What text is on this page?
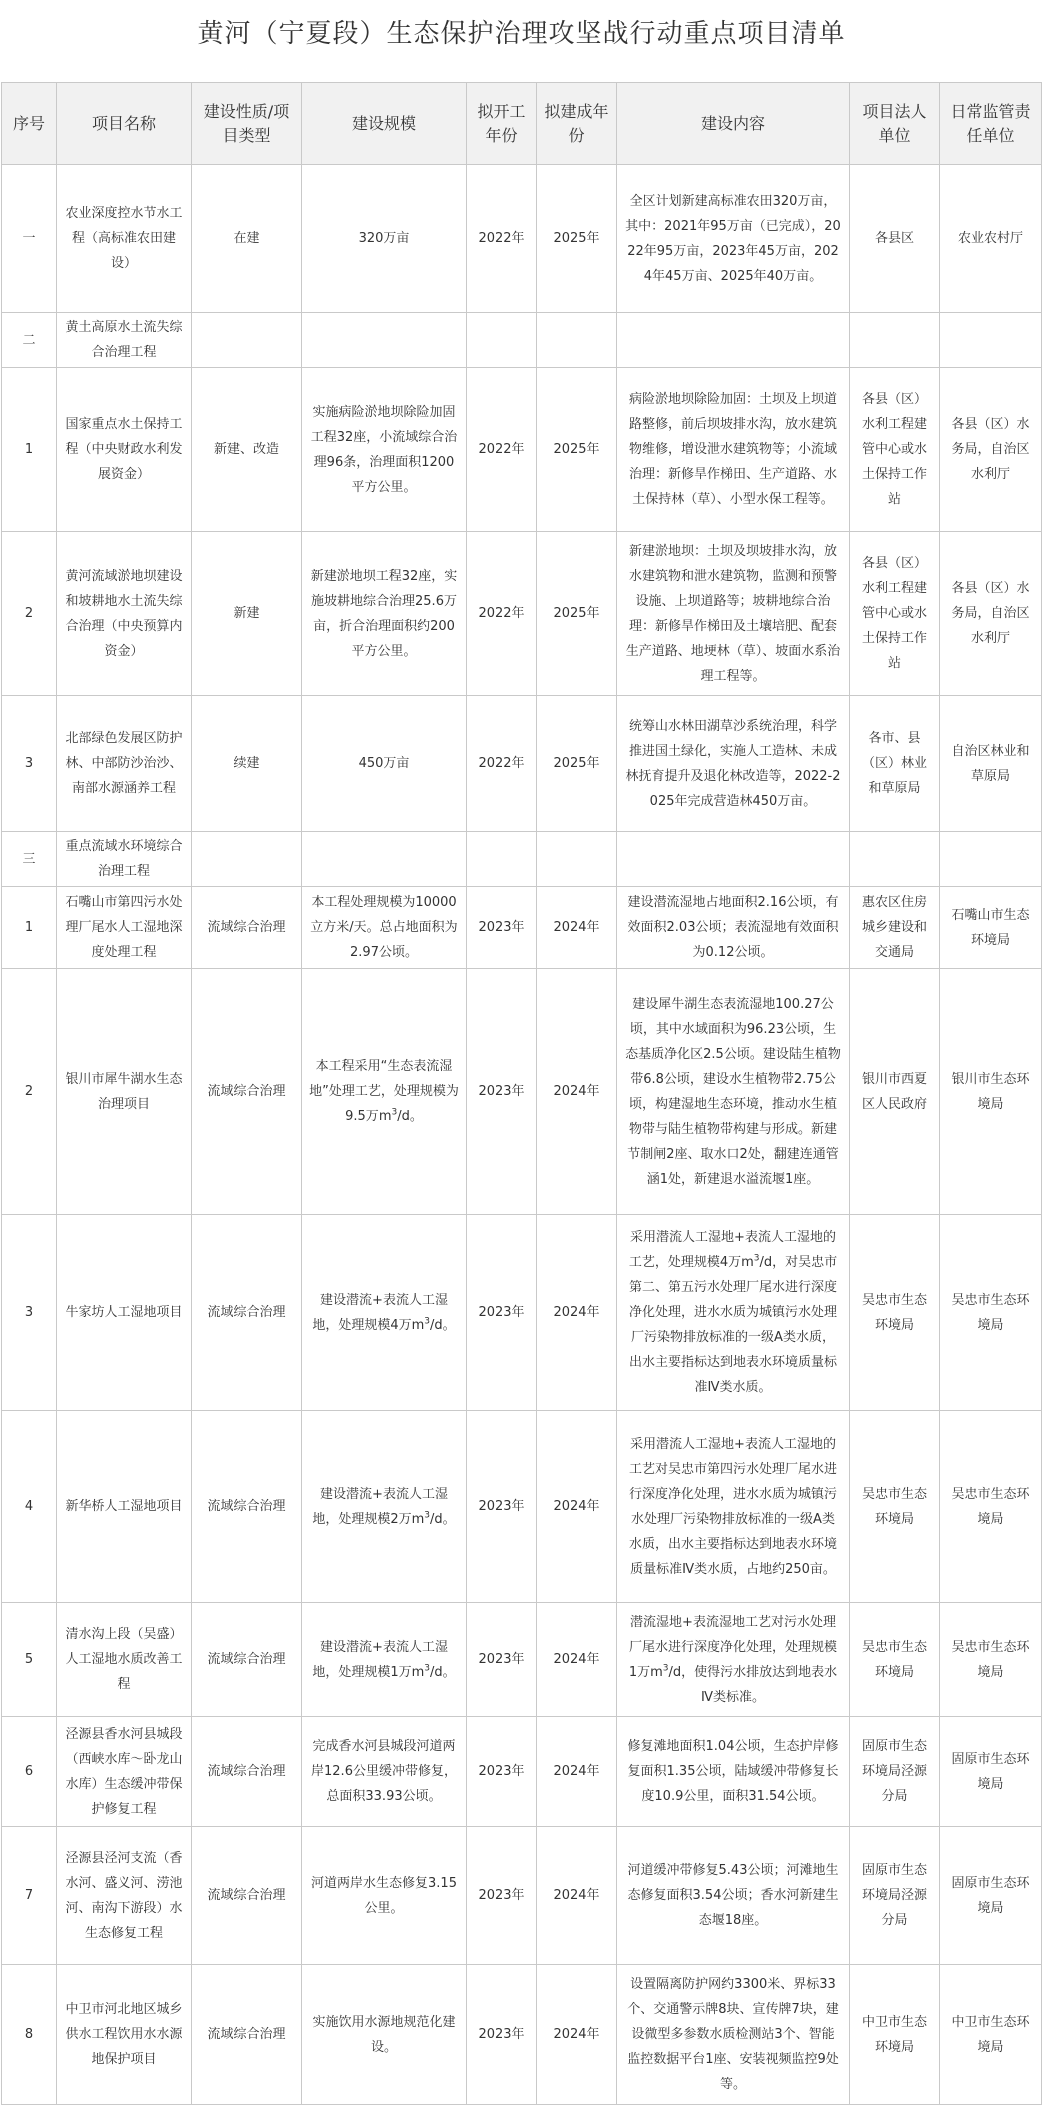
黄河（宁夏段）生态保护治理攻坚战行动重点项目清单
序号	项目名称	建设性质/项目类型	建设规模	拟开工年份	拟建成年份	建设内容	项目法人单位	日常监管责任单位
一	农业深度控水节水工程（高标准农田建设）	在建	320万亩	2022年	2025年	全区计划新建高标准农田320万亩，其中：2021年95万亩（已完成），2022年95万亩，2023年45万亩，2024年45万亩、2025年40万亩。	各县区	农业农村厅
二	黄土高原水土流失综合治理工程							
1	国家重点水土保持工程（中央财政水利发展资金）	新建、改造	实施病险淤地坝除险加固工程32座，小流域综合治理96条，治理面积1200平方公里。	2022年	2025年	病险淤地坝除险加固：土坝及上坝道路整修，前后坝坡排水沟，放水建筑物维修，增设泄水建筑物等；小流域治理：新修旱作梯田、生产道路、水土保持林（草）、小型水保工程等。	各县（区）水利工程建管中心或水土保持工作站	各县（区）水务局，自治区水利厅
2	黄河流域淤地坝建设和坡耕地水土流失综合治理（中央预算内资金）	新建	新建淤地坝工程32座，实施坡耕地综合治理25.6万亩，折合治理面积约200平方公里。	2022年	2025年	新建淤地坝：土坝及坝坡排水沟，放水建筑物和泄水建筑物，监测和预警设施、上坝道路等；坡耕地综合治理：新修旱作梯田及土壤培肥、配套生产道路、地埂林（草）、坡面水系治理工程等。	各县（区）水利工程建管中心或水土保持工作站	各县（区）水务局，自治区水利厅
3	北部绿色发展区防护林、中部防沙治沙、南部水源涵养工程	续建	450万亩	2022年	2025年	统筹山水林田湖草沙系统治理，科学推进国土绿化，实施人工造林、未成林抚育提升及退化林改造等，2022-2025年完成营造林450万亩。	各市、县（区）林业和草原局	自治区林业和草原局
三	重点流域水环境综合治理工程							
1	石嘴山市第四污水处理厂尾水人工湿地深度处理工程	流域综合治理	本工程处理规模为10000立方米/天。总占地面积为2.97公顷。	2023年	2024年	建设潜流湿地占地面积2.16公顷，有效面积2.03公顷；表流湿地有效面积为0.12公顷。	惠农区住房城乡建设和交通局	石嘴山市生态环境局
2	银川市犀牛湖水生态治理项目	流域综合治理	本工程采用“生态表流湿地”处理工艺，处理规模为9.5万$m^3/d$。	2023年	2024年	建设犀牛湖生态表流湿地100.27公顷，其中水域面积为96.23公顷，生态基质净化区2.5公顷。建设陆生植物带6.8公顷，建设水生植物带2.75公顷，构建湿地生态环境，推动水生植物带与陆生植物带构建与形成。新建节制闸2座、取水口2处，翻建连通管涵1处，新建退水溢流堰1座。	银川市西夏区人民政府	银川市生态环境局
3	牛家坊人工湿地项目	流域综合治理	建设潜流+表流人工湿地，处理规模4万$m^3/d$。	2023年	2024年	采用潜流人工湿地+表流人工湿地的工艺，处理规模4万$m^3/d$，对吴忠市第二、第五污水处理厂尾水进行深度净化处理，进水水质为城镇污水处理厂污染物排放标准的一级A类水质，出水主要指标达到地表水环境质量标准Ⅳ类水质。	吴忠市生态环境局	吴忠市生态环境局
4	新华桥人工湿地项目	流域综合治理	建设潜流+表流人工湿地，处理规模2万$m^3/d$。	2023年	2024年	采用潜流人工湿地+表流人工湿地的工艺对吴忠市第四污水处理厂尾水进行深度净化处理，进水水质为城镇污水处理厂污染物排放标准的一级A类水质，出水主要指标达到地表水环境质量标准Ⅳ类水质，占地约250亩。	吴忠市生态环境局	吴忠市生态环境局
5	清水沟上段（吴盛）人工湿地水质改善工程	流域综合治理	建设潜流+表流人工湿地，处理规模1万$m^3/d$。	2023年	2024年	潜流湿地+表流湿地工艺对污水处理厂尾水进行深度净化处理，处理规模1万$m^3/d$，使得污水排放达到地表水Ⅳ类标准。	吴忠市生态环境局	吴忠市生态环境局
6	泾源县香水河县城段（西峡水库～卧龙山水库）生态缓冲带保护修复工程	流域综合治理	完成香水河县城段河道两岸12.6公里缓冲带修复，总面积33.93公顷。	2023年	2024年	修复滩地面积1.04公顷，生态护岸修复面积1.35公顷，陆域缓冲带修复长度10.9公里，面积31.54公顷。	固原市生态环境局泾源分局	固原市生态环境局
7	泾源县泾河支流（香水河、盛义河、涝池河、南沟下游段）水生态修复工程	流域综合治理	河道两岸水生态修复3.15公里。	2023年	2024年	河道缓冲带修复5.43公顷；河滩地生态修复面积3.54公顷；香水河新建生态堰18座。	固原市生态环境局泾源分局	固原市生态环境局
8	中卫市河北地区城乡供水工程饮用水水源地保护项目	流域综合治理	实施饮用水源地规范化建设。	2023年	2024年	设置隔离防护网约3300米、界标33个、交通警示牌8块、宣传牌7块，建设微型多参数水质检测站3个、智能监控数据平台1座、安装视频监控9处等。	中卫市生态环境局	中卫市生态环境局
